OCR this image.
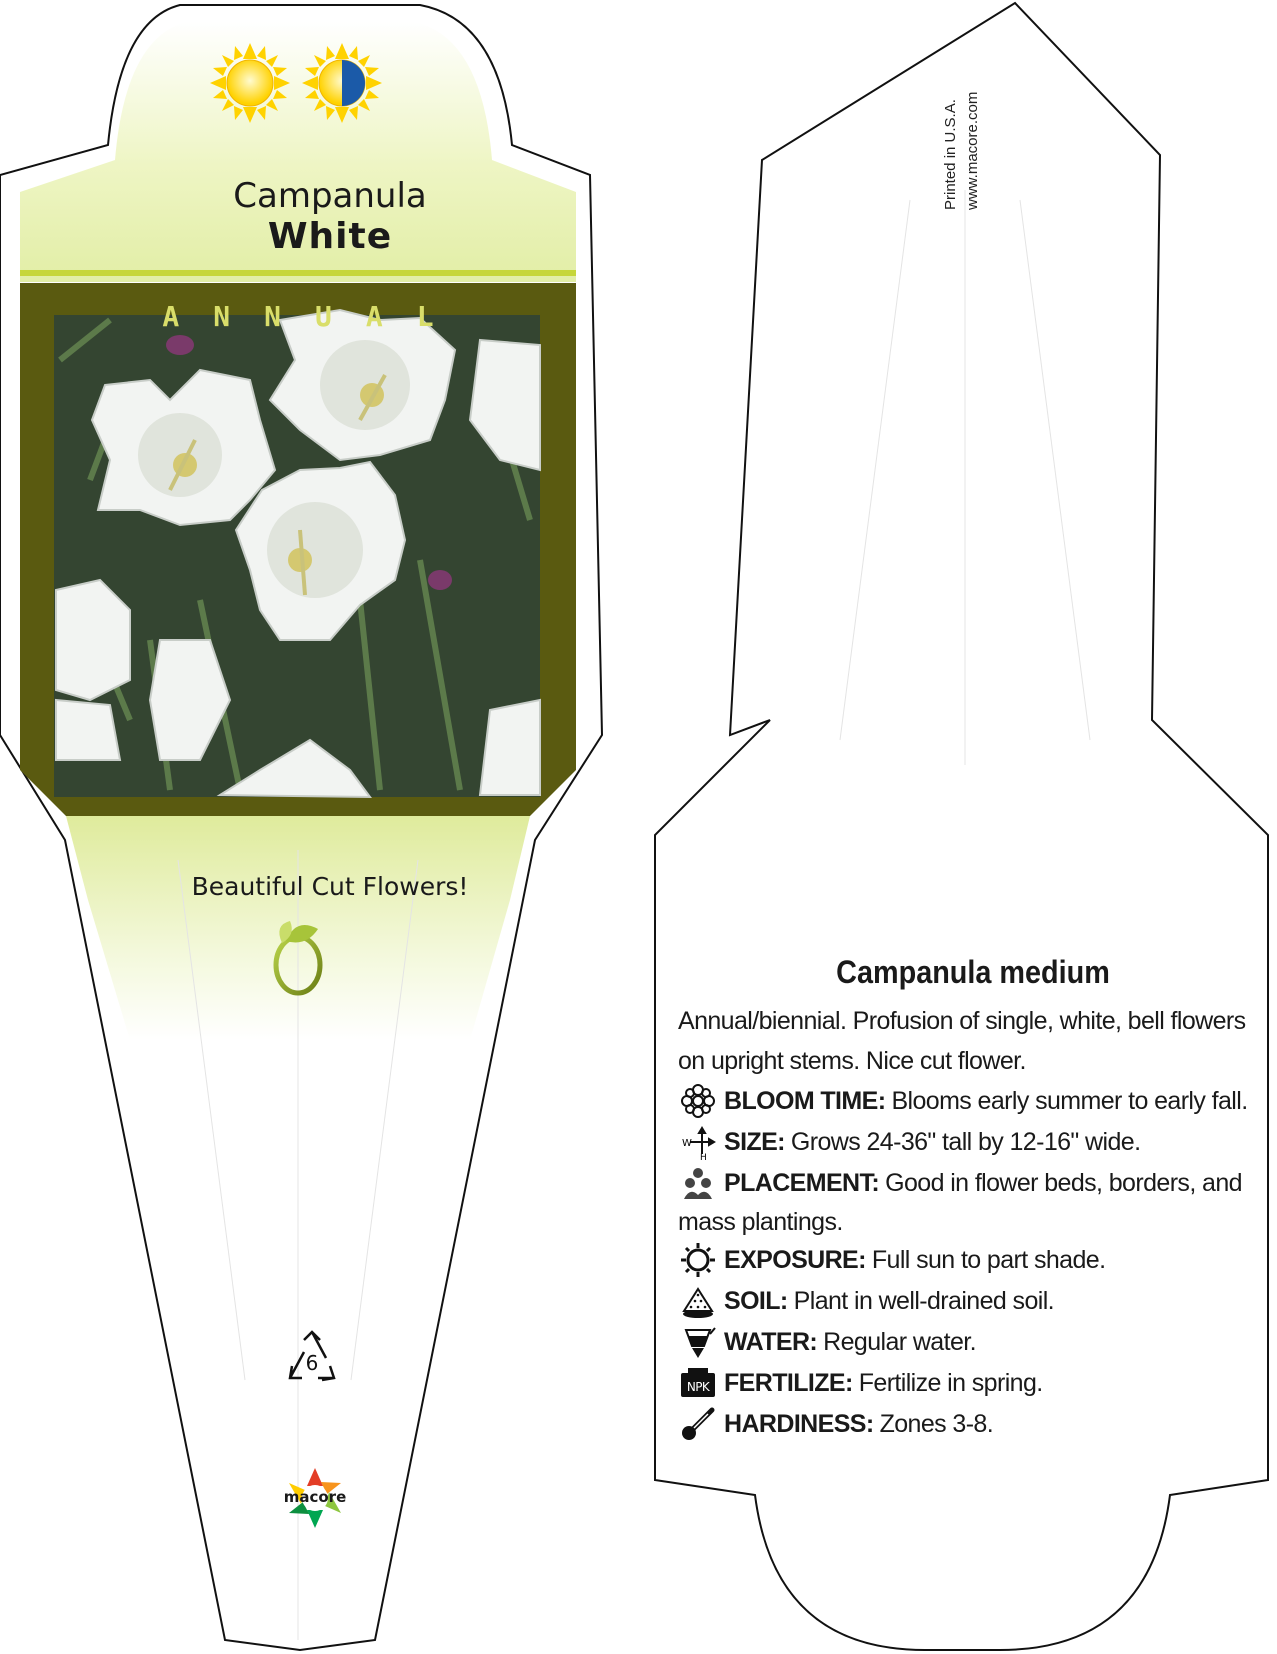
Campanula
White
ANNUAL
Beautiful Cut Flowers!
6
macore
Printed in U.S.A. www.macore.com
Campanula medium
Annual/biennial. Profusion of single, white, bell flowers on upright stems. Nice cut flower.
BLOOM TIME: Blooms early summer to early fall.
W
H
SIZE: Grows 24-36" tall by 12-16" wide.
PLACEMENT: Good in flower beds, borders, and
mass plantings.
EXPOSURE: Full sun to part shade.
SOIL: Plant in well-drained soil.
WATER: Regular water.
NPK FERTILIZE: Fertilize in spring.
HARDINESS: Zones 3-8.
